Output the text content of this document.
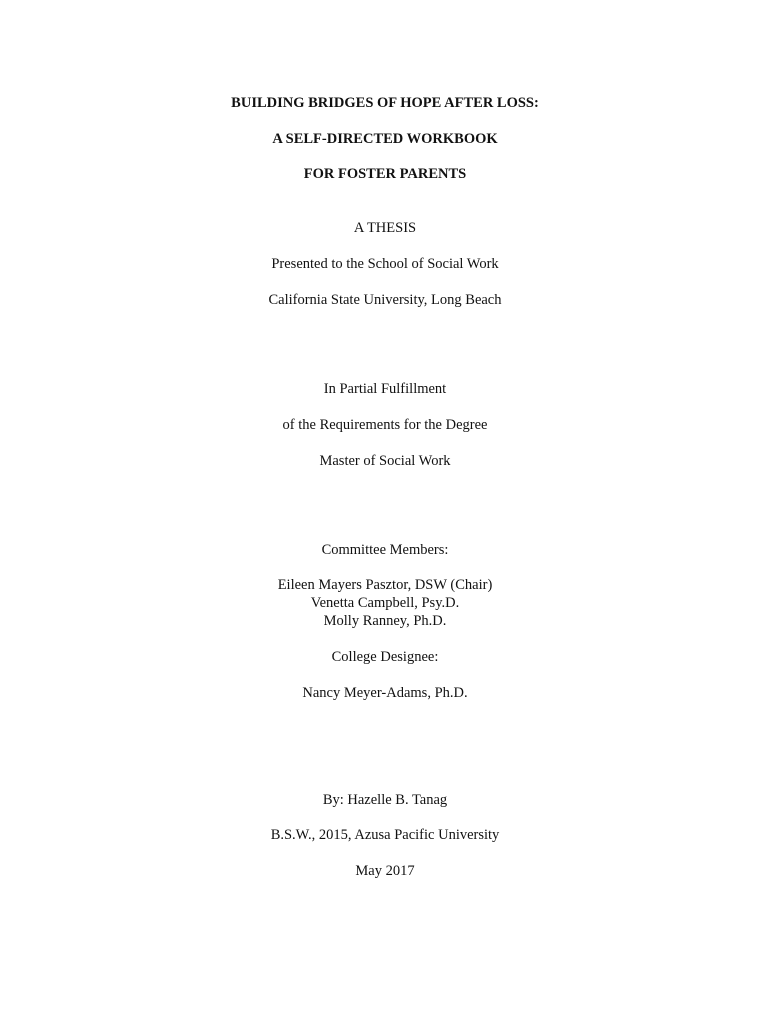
BUILDING BRIDGES OF HOPE AFTER LOSS:
A SELF-DIRECTED WORKBOOK
FOR FOSTER PARENTS
A THESIS
Presented to the School of Social Work
California State University, Long Beach
In Partial Fulfillment
of the Requirements for the Degree
Master of Social Work
Committee Members:
Eileen Mayers Pasztor, DSW (Chair)
Venetta Campbell, Psy.D.
Molly Ranney, Ph.D.
College Designee:
Nancy Meyer-Adams, Ph.D.
By: Hazelle B. Tanag
B.S.W., 2015, Azusa Pacific University
May 2017
